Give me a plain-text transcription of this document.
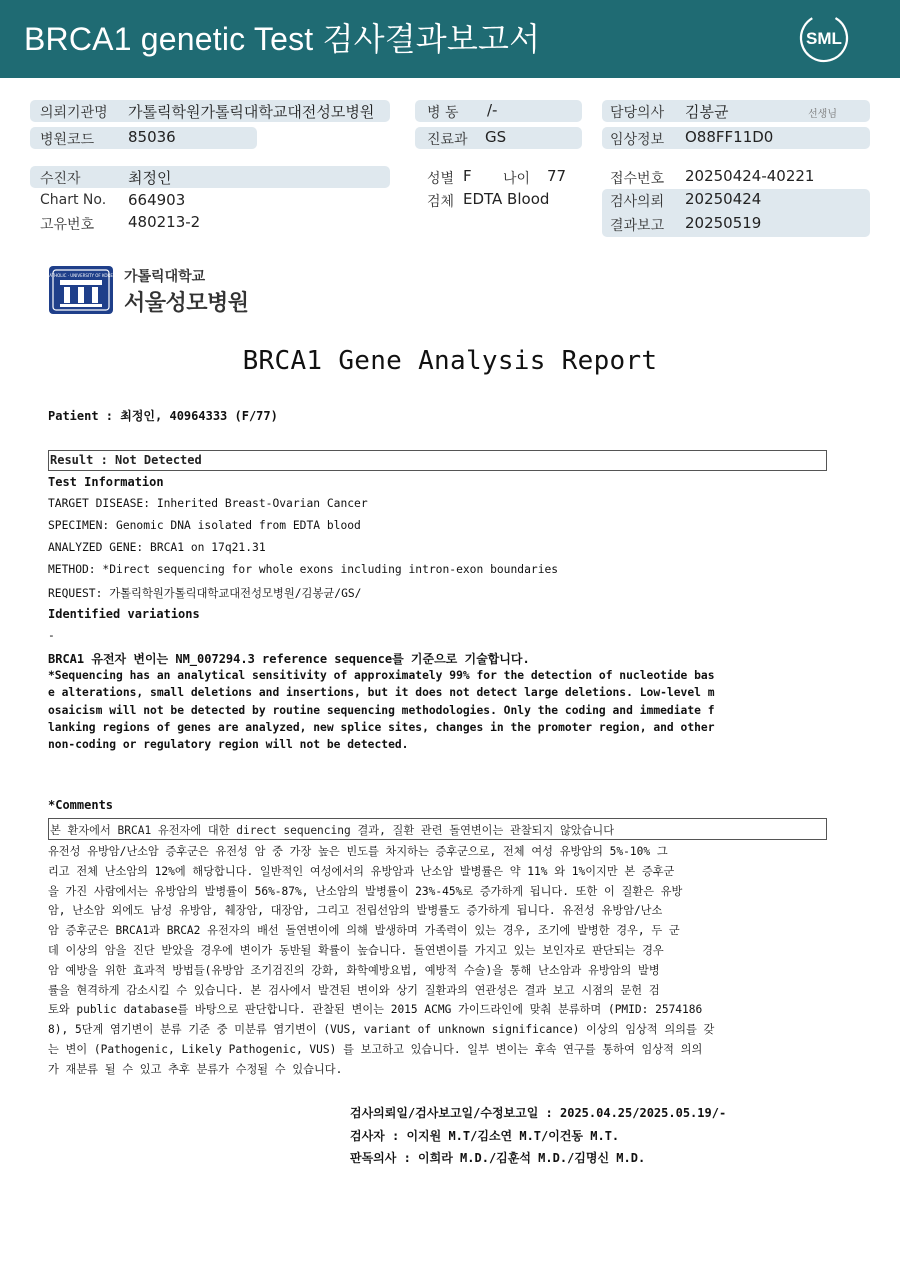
BRCA1 genetic Test 검사결과보고서	SML
의뢰기관명 가톨릭학원가톨릭대학교대전성모병원
병원코드 85036
수진자	최정인
Chart No. 664903
고유번호 480213-2
병 동 /-
진료과 GS
성별 F 나이 77
검체 EDTA Blood
담당의사 김봉균	선생님
임상정보 O88FF11D0
접수번호 20250424-40221
검사의뢰 20250424
결과보고 20250519
CATHOLIC · UNIVERSITY OF KOREA 가톨릭대학교
서울성모병원
BRCA1 Gene Analysis Report
Patient : 최정인, 40964333 (F/77)
Result : Not Detected
Test Information
TARGET DISEASE: Inherited Breast-Ovarian Cancer
SPECIMEN: Genomic DNA isolated from EDTA blood
ANALYZED GENE: BRCA1 on 17q21.31
METHOD: *Direct sequencing for whole exons including intron-exon boundaries
REQUEST: 가톨릭학원가톨릭대학교대전성모병원/김봉균/GS/
Identified variations
-
BRCA1 유전자 변이는 NM_007294.3 reference sequence를 기준으로 기술합니다.
*Sequencing has an analytical sensitivity of approximately 99% for the detection of nucleotide bas
e alterations, small deletions and insertions, but it does not detect large deletions. Low-level m
osaicism will not be detected by routine sequencing methodologies. Only the coding and immediate f
lanking regions of genes are analyzed, new splice sites, changes in the promoter region, and other
non-coding or regulatory region will not be detected.
*Comments
본 환자에서 BRCA1 유전자에 대한 direct sequencing 결과, 질환 관련 돌연변이는 관찰되지 않았습니다
유전성 유방암/난소암 증후군은 유전성 암 중 가장 높은 빈도를 차지하는 증후군으로, 전체 여성 유방암의 5%-10% 그
리고 전체 난소암의 12%에 해당합니다. 일반적인 여성에서의 유방암과 난소암 발병률은 약 11% 와 1%이지만 본 증후군
을 가진 사람에서는 유방암의 발병률이 56%-87%, 난소암의 발병률이 23%-45%로 증가하게 됩니다. 또한 이 질환은 유방
암, 난소암 외에도 남성 유방암, 췌장암, 대장암, 그리고 전립선암의 발병률도 증가하게 됩니다. 유전성 유방암/난소
암 증후군은 BRCA1과 BRCA2 유전자의 배선 돌연변이에 의해 발생하며 가족력이 있는 경우, 조기에 발병한 경우, 두 군
데 이상의 암을 진단 받았을 경우에 변이가 동반될 확률이 높습니다. 돌연변이를 가지고 있는 보인자로 판단되는 경우
암 예방을 위한 효과적 방법들(유방암 조기검진의 강화, 화학예방요법, 예방적 수술)을 통해 난소암과 유방암의 발병
률을 현격하게 감소시킬 수 있습니다. 본 검사에서 발견된 변이와 상기 질환과의 연관성은 결과 보고 시점의 문헌 검
토와 public database를 바탕으로 판단합니다. 관찰된 변이는 2015 ACMG 가이드라인에 맞춰 분류하며 (PMID: 2574186
8), 5단계 염기변이 분류 기준 중 미분류 염기변이 (VUS, variant of unknown significance) 이상의 임상적 의의를 갖
는 변이 (Pathogenic, Likely Pathogenic, VUS) 를 보고하고 있습니다. 일부 변이는 후속 연구를 통하여 임상적 의의
가 재분류 될 수 있고 추후 분류가 수정될 수 있습니다.
검사의뢰일/검사보고일/수정보고일 : 2025.04.25/2025.05.19/-
검사자 : 이지원 M.T/김소연 M.T/이건동 M.T.
판독의사 : 이희라 M.D./김훈석 M.D./김명신 M.D.
